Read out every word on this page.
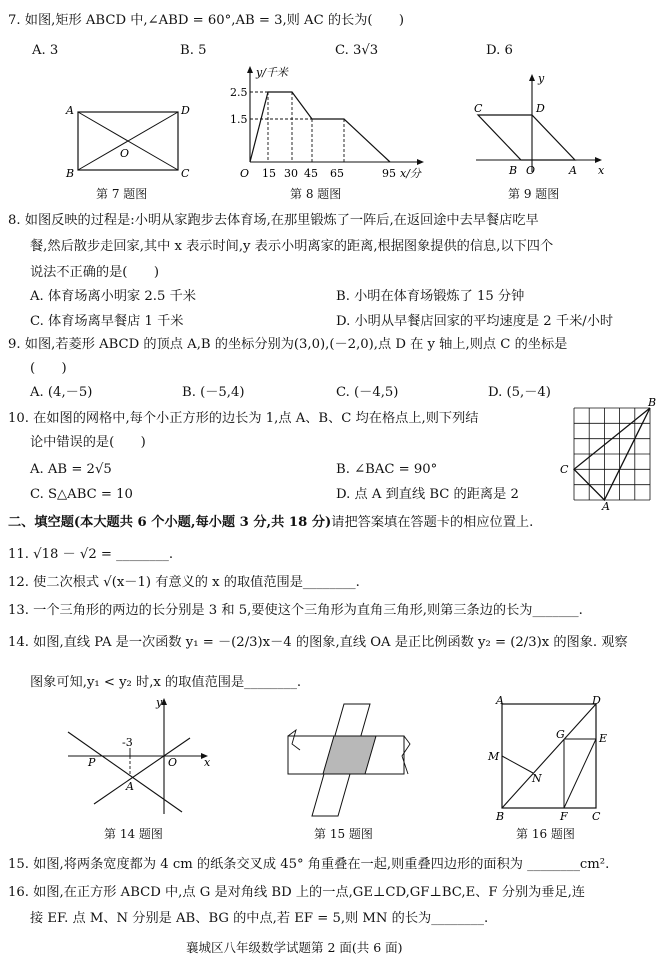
7. 如图,矩形 ABCD 中,∠ABD = 60°,AB = 3,则 AC 的长为(　　)
A. 3	B. 5	C. 3√3	D. 6
A	D
B	C
O
第 7 题图
y/千米
2.5
1.5
O 15 30 45 65	95 x/分
第 8 题图
y
C	D
B O	A x
第 9 题图
8. 如图反映的过程是:小明从家跑步去体育场,在那里锻炼了一阵后,在返回途中去早餐店吃早
餐,然后散步走回家,其中 x 表示时间,y 表示小明离家的距离,根据图象提供的信息,以下四个
说法不正确的是(　　)
A. 体育场离小明家 2.5 千米	B. 小明在体育场锻炼了 15 分钟
C. 体育场离早餐店 1 千米	D. 小明从早餐店回家的平均速度是 2 千米/小时
9. 如图,若菱形 ABCD 的顶点 A,B 的坐标分别为(3,0),(－2,0),点 D 在 y 轴上,则点 C 的坐标是
(　　)
A. (4,－5)	B. (－5,4)	C. (－4,5)	D. (5,－4)
10. 在如图的网格中,每个小正方形的边长为 1,点 A、B、C 均在格点上,则下列结
论中错误的是(　　)
A. AB = 2√5	B. ∠BAC = 90°
C. S△ABC = 10	D. 点 A 到直线 BC 的距离是 2
B
C
A
二、填空题(本大题共 6 个小题,每小题 3 分,共 18 分)请把答案填在答题卡的相应位置上.
11. √18 － √2 = ________.
12. 使二次根式 √(x－1) 有意义的 x 的取值范围是________.
13. 一个三角形的两边的长分别是 3 和 5,要使这个三角形为直角三角形,则第三条边的长为_______.
14. 如图,直线 PA 是一次函数 y₁ = －(2/3)x－4 的图象,直线 OA 是正比例函数 y₂ = (2/3)x 的图象. 观察
图象可知,y₁ < y₂ 时,x 的取值范围是________.
y
-3
P	O x
A
第 14 题图	第 15 题图
A	D
G	E
M
N
B	F C
第 16 题图
15. 如图,将两条宽度都为 4 cm 的纸条交叉成 45° 角重叠在一起,则重叠四边形的面积为 ________cm².
16. 如图,在正方形 ABCD 中,点 G 是对角线 BD 上的一点,GE⊥CD,GF⊥BC,E、F 分别为垂足,连
接 EF. 点 M、N 分别是 AB、BG 的中点,若 EF = 5,则 MN 的长为________.
襄城区八年级数学试题第 2 面(共 6 面)
